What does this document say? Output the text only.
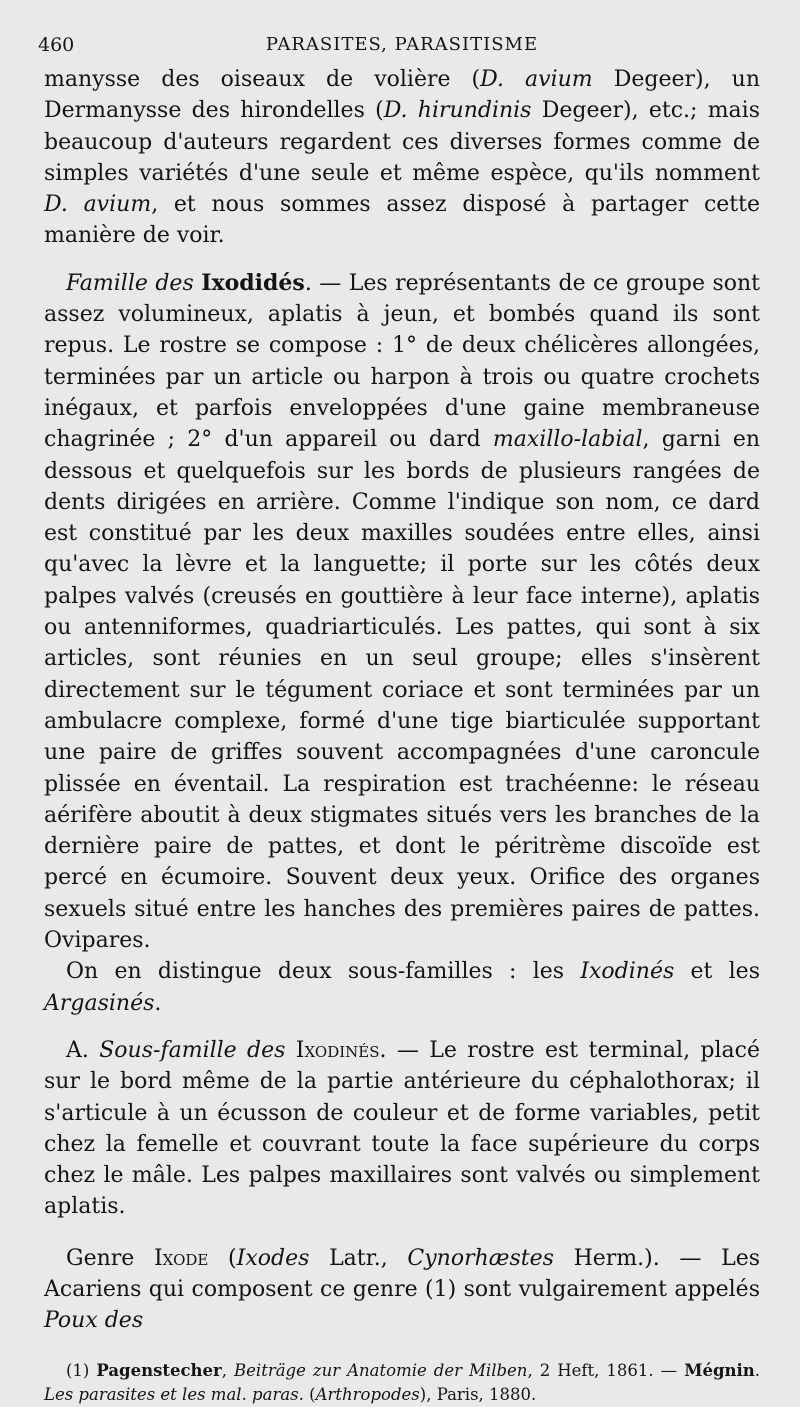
460	PARASITES, PARASITISME

manysse des oiseaux de volière (D. avium Degeer), un Dermanysse des hirondelles (D. hirundinis Degeer), etc.; mais beaucoup d'auteurs regardent ces diverses formes comme de simples variétés d'une seule et même espèce, qu'ils nomment D. avium, et nous sommes assez disposé à partager cette manière de voir.

Famille des Ixodidés. — Les représentants de ce groupe sont assez volumineux, aplatis à jeun, et bombés quand ils sont repus. Le rostre se compose : 1° de deux chélicères allongées, terminées par un article ou harpon à trois ou quatre crochets inégaux, et parfois enveloppées d'une gaine membraneuse chagrinée ; 2° d'un appareil ou dard maxillo-labial, garni en dessous et quelquefois sur les bords de plusieurs rangées de dents dirigées en arrière. Comme l'indique son nom, ce dard est constitué par les deux maxilles soudées entre elles, ainsi qu'avec la lèvre et la languette; il porte sur les côtés deux palpes valvés (creusés en gouttière à leur face interne), aplatis ou antenniformes, quadriarticulés. Les pattes, qui sont à six articles, sont réunies en un seul groupe; elles s'insèrent directement sur le tégument coriace et sont terminées par un ambulacre complexe, formé d'une tige biarticulée supportant une paire de griffes souvent accompagnées d'une caroncule plissée en éventail. La respiration est trachéenne: le réseau aérifère aboutit à deux stigmates situés vers les branches de la dernière paire de pattes, et dont le péritrème discoïde est percé en écumoire. Souvent deux yeux. Orifice des organes sexuels situé entre les hanches des premières paires de pattes. Ovipares.

On en distingue deux sous-familles : les Ixodinés et les Argasinés.

A. Sous-famille des Ixodinés. — Le rostre est terminal, placé sur le bord même de la partie antérieure du céphalothorax; il s'articule à un écusson de couleur et de forme variables, petit chez la femelle et couvrant toute la face supérieure du corps chez le mâle. Les palpes maxillaires sont valvés ou simplement aplatis.

Genre Ixode (Ixodes Latr., Cynorhæstes Herm.). — Les Acariens qui composent ce genre (1) sont vulgairement appelés Poux des

(1) Pagenstecher, Beiträge zur Anatomie der Milben, 2 Heft, 1861. — Mégnin. Les parasites et les mal. paras. (Arthropodes), Paris, 1880.
